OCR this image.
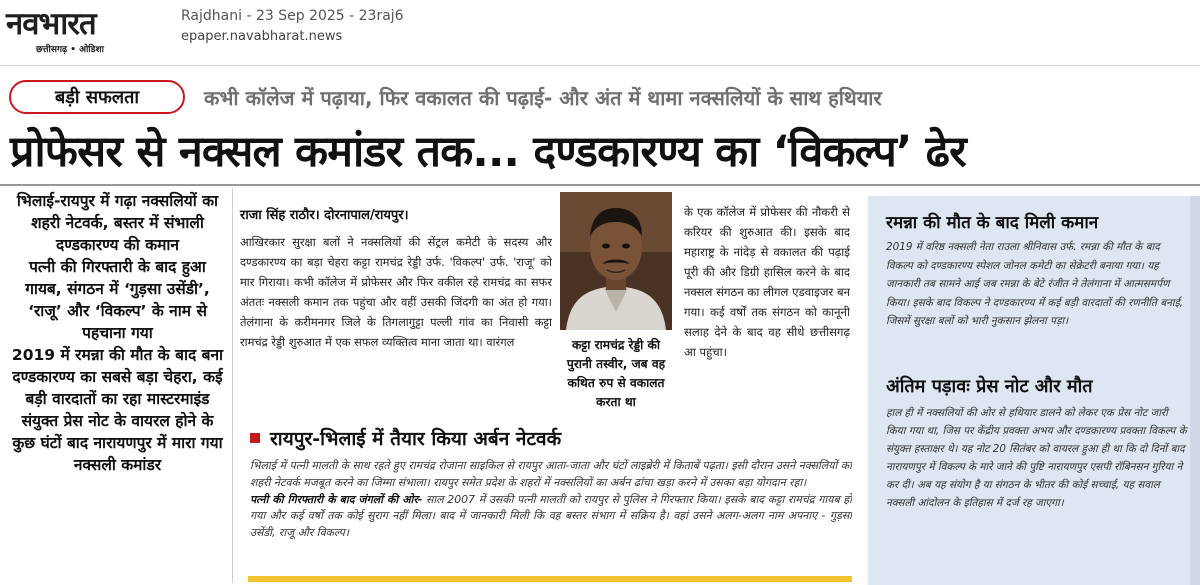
नवभारत
छत्तीसगढ़ • ओडिशा
Rajdhani - 23 Sep 2025 - 23raj6
epaper.navabharat.news
बड़ी सफलता	कभी कॉलेज में पढ़ाया, फिर वकालत की पढ़ाई- और अंत में थामा नक्सलियों के साथ हथियार
प्रोफेसर से नक्सल कमांडर तक... दण्डकारण्य का ‘विकल्प’ ढेर

भिलाई-रायपुर में गढ़ा नक्सलियों का शहरी नेटवर्क, बस्तर में संभाली दण्डकारण्य की कमान

पत्नी की गिरफ्तारी के बाद हुआ गायब, संगठन में ‘गुड़सा उसेंडी’, ‘राजू’ और ‘विकल्प’ के नाम से पहचाना गया

2019 में रमन्ना की मौत के बाद बना दण्डकारण्य का सबसे बड़ा चेहरा, कई बड़ी वारदातों का रहा मास्टरमाइंड

संयुक्त प्रेस नोट के वायरल होने के कुछ घंटों बाद नारायणपुर में मारा गया नक्सली कमांडर

राजा सिंह राठौर। दोरनापाल/रायपुर।
आखिरकार सुरक्षा बलों ने नक्सलियों की सेंट्रल कमेटी के सदस्य और दण्डकारण्य का बड़ा चेहरा कट्टा रामचंद्र रेड्डी उर्फ. 'विकल्प' उर्फ. 'राजू' को मार गिराया। कभी कॉलेज में प्रोफेसर और फिर वकील रहे रामचंद्र का सफर अंततः नक्सली कमान तक पहुंचा और वहीं उसकी जिंदगी का अंत हो गया। तेलंगाना के करीमनगर जिले के तिगलागुट्टा पल्ली गांव का निवासी कट्टा रामचंद्र रेड्डी शुरुआत में एक सफल व्यक्तित्व माना जाता था। वारंगल	कट्टा रामचंद्र रेड्डी की पुरानी तस्वीर, जब वह कथित रुप से वकालत करता था
के एक कॉलेज में प्रोफेसर की नौकरी से करियर की शुरुआत की। इसके बाद महाराष्ट्र के नांदेड़ से वकालत की पढ़ाई पूरी की और डिग्री हासिल करने के बाद नक्सल संगठन का लीगल एडवाइजर बन गया। कई वर्षों तक संगठन को कानूनी सलाह देने के बाद वह सीधे छत्तीसगढ़ आ पहुंचा।
रायपुर-भिलाई में तैयार किया अर्बन नेटवर्क

भिलाई में पत्नी मालती के साथ रहते हुए रामचंद्र रोजाना साइकिल से रायपुर आता-जाता और घंटों लाइब्रेरी में किताबें पढ़ता। इसी दौरान उसने नक्सलियों का शहरी नेटवर्क मजबूत करने का जिम्मा संभाला। रायपुर समेत प्रदेश के शहरों में नक्सलियों का अर्बन ढांचा खड़ा करने में उसका बड़ा योगदान रहा।

पत्नी की गिरफ्तारी के बाद जंगलों की ओर- साल 2007 में उसकी पत्नी मालती को रायपुर से पुलिस ने गिरफ्तार किया। इसके बाद कट्टा रामचंद्र गायब हो गया और कई वर्षों तक कोई सुराग नहीं मिला। बाद में जानकारी मिली कि वह बस्तर संभाग में सक्रिय है। वहां उसने अलग-अलग नाम अपनाए - गुड़सा उसेंडी, राजू और विकल्प।

रमन्ना की मौत के बाद मिली कमान
2019 में वरिष्ठ नक्सली नेता राउला श्रीनिवास उर्फ. रमन्ना की मौत के बाद विकल्प को दण्डकारण्य स्पेशल जोनल कमेटी का सेक्रेटरी बनाया गया। यह जानकारी तब सामने आई जब रमन्ना के बेटे रंजीत ने तेलंगाना में आत्मसमर्पण किया। इसके बाद विकल्प ने दण्डकारण्य में कई बड़ी वारदातों की रणनीति बनाई, जिसमें सुरक्षा बलों को भारी नुकसान झेलना पड़ा।
अंतिम पड़ावः प्रेस नोट और मौत
हाल ही में नक्सलियों की ओर से हथियार डालने को लेकर एक प्रेस नोट जारी किया गया था, जिस पर केंद्रीय प्रवक्ता अभय और दण्डकारण्य प्रवक्ता विकल्प के संयुक्त हस्ताक्षर थे। यह नोट 20 सितंबर को वायरल हुआ ही था कि दो दिनों बाद नारायणपुर में विकल्प के मारे जाने की पुष्टि नारायणपुर एसपी रॉबिनसन गुरिया ने कर दी। अब यह संयोग है या संगठन के भीतर की कोई सच्चाई, यह सवाल नक्सली आंदोलन के इतिहास में दर्ज रह जाएगा।
